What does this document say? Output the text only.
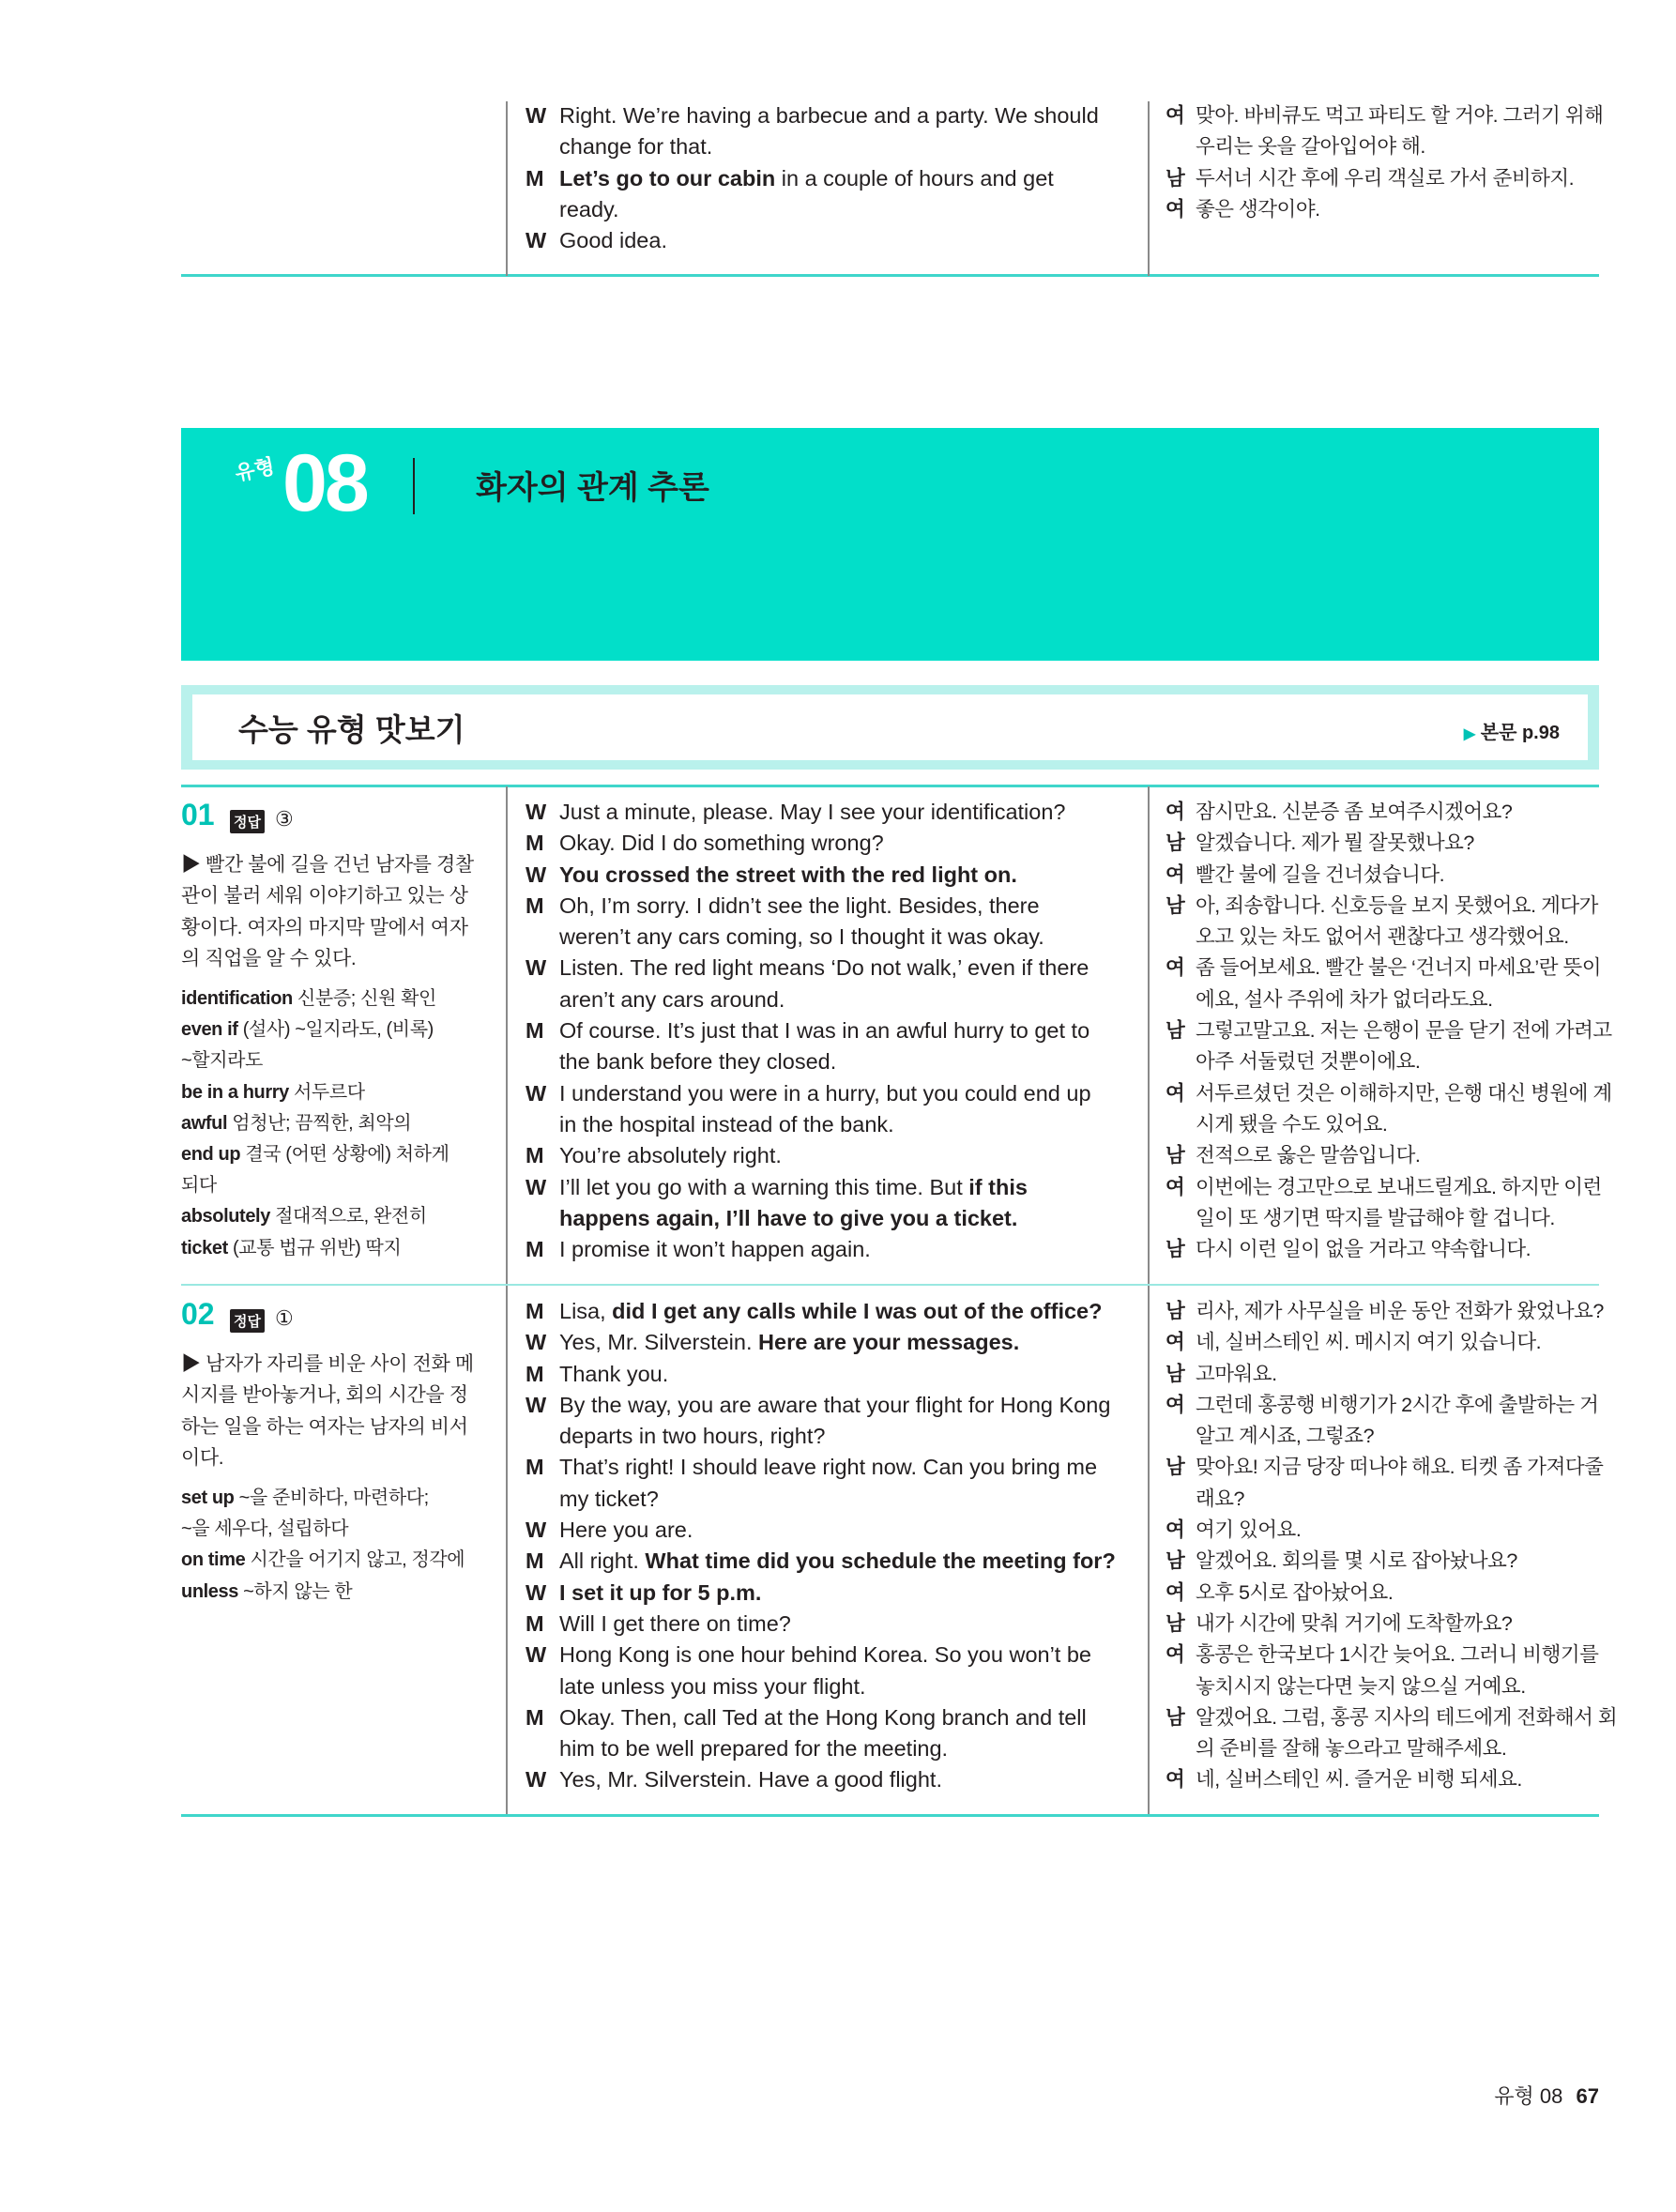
W Right. We’re having a barbecue and a party. We should
change for that.
M Let’s go to our cabin in a couple of hours and get
ready.
W Good idea.
여 맞아. 바비큐도 먹고 파티도 할 거야. 그러기 위해
우리는 옷을 갈아입어야 해.
남 두서너 시간 후에 우리 객실로 가서 준비하지.
여 좋은 생각이야.
유형 08	화자의 관계 추론
수능 유형 맛보기	▶ 본문 p.98
01 정답 ③
▶ 빨간 불에 길을 건넌 남자를 경찰
관이 불러 세워 이야기하고 있는 상
황이다. 여자의 마지막 말에서 여자
의 직업을 알 수 있다.
identification 신분증; 신원 확인
even if (설사) ~일지라도, (비록)
~할지라도
be in a hurry 서두르다
awful 엄청난; 끔찍한, 최악의
end up 결국 (어떤 상황에) 처하게
되다
absolutely 절대적으로, 완전히
ticket (교통 법규 위반) 딱지
W Just a minute, please. May I see your identification?
M Okay. Did I do something wrong?
W You crossed the street with the red light on.
M Oh, I’m sorry. I didn’t see the light. Besides, there
weren’t any cars coming, so I thought it was okay.
W Listen. The red light means ‘Do not walk,’ even if there
aren’t any cars around.
M Of course. It’s just that I was in an awful hurry to get to
the bank before they closed.
W I understand you were in a hurry, but you could end up
in the hospital instead of the bank.
M You’re absolutely right.
W I’ll let you go with a warning this time. But if this
happens again, I’ll have to give you a ticket.
M I promise it won’t happen again.
여 잠시만요. 신분증 좀 보여주시겠어요?
남 알겠습니다. 제가 뭘 잘못했나요?
여 빨간 불에 길을 건너셨습니다.
남 아, 죄송합니다. 신호등을 보지 못했어요. 게다가
오고 있는 차도 없어서 괜찮다고 생각했어요.
여 좀 들어보세요. 빨간 불은 ‘건너지 마세요’란 뜻이
에요, 설사 주위에 차가 없더라도요.
남 그렇고말고요. 저는 은행이 문을 닫기 전에 가려고
아주 서둘렀던 것뿐이에요.
여 서두르셨던 것은 이해하지만, 은행 대신 병원에 계
시게 됐을 수도 있어요.
남 전적으로 옳은 말씀입니다.
여 이번에는 경고만으로 보내드릴게요. 하지만 이런
일이 또 생기면 딱지를 발급해야 할 겁니다.
남 다시 이런 일이 없을 거라고 약속합니다.
02 정답 ①
▶ 남자가 자리를 비운 사이 전화 메
시지를 받아놓거나, 회의 시간을 정
하는 일을 하는 여자는 남자의 비서
이다.
set up ~을 준비하다, 마련하다;
~을 세우다, 설립하다
on time 시간을 어기지 않고, 정각에
unless ~하지 않는 한
M Lisa, did I get any calls while I was out of the office?
W Yes, Mr. Silverstein. Here are your messages.
M Thank you.
W By the way, you are aware that your flight for Hong Kong
departs in two hours, right?
M That’s right! I should leave right now. Can you bring me
my ticket?
W Here you are.
M All right. What time did you schedule the meeting for?
W I set it up for 5 p.m.
M Will I get there on time?
W Hong Kong is one hour behind Korea. So you won’t be
late unless you miss your flight.
M Okay. Then, call Ted at the Hong Kong branch and tell
him to be well prepared for the meeting.
W Yes, Mr. Silverstein. Have a good flight.
남 리사, 제가 사무실을 비운 동안 전화가 왔었나요?
여 네, 실버스테인 씨. 메시지 여기 있습니다.
남 고마워요.
여 그런데 홍콩행 비행기가 2시간 후에 출발하는 거
알고 계시죠, 그렇죠?
남 맞아요! 지금 당장 떠나야 해요. 티켓 좀 가져다줄
래요?
여 여기 있어요.
남 알겠어요. 회의를 몇 시로 잡아놨나요?
여 오후 5시로 잡아놨어요.
남 내가 시간에 맞춰 거기에 도착할까요?
여 홍콩은 한국보다 1시간 늦어요. 그러니 비행기를
놓치시지 않는다면 늦지 않으실 거예요.
남 알겠어요. 그럼, 홍콩 지사의 테드에게 전화해서 회
의 준비를 잘해 놓으라고 말해주세요.
여 네, 실버스테인 씨. 즐거운 비행 되세요.
유형 08 67
